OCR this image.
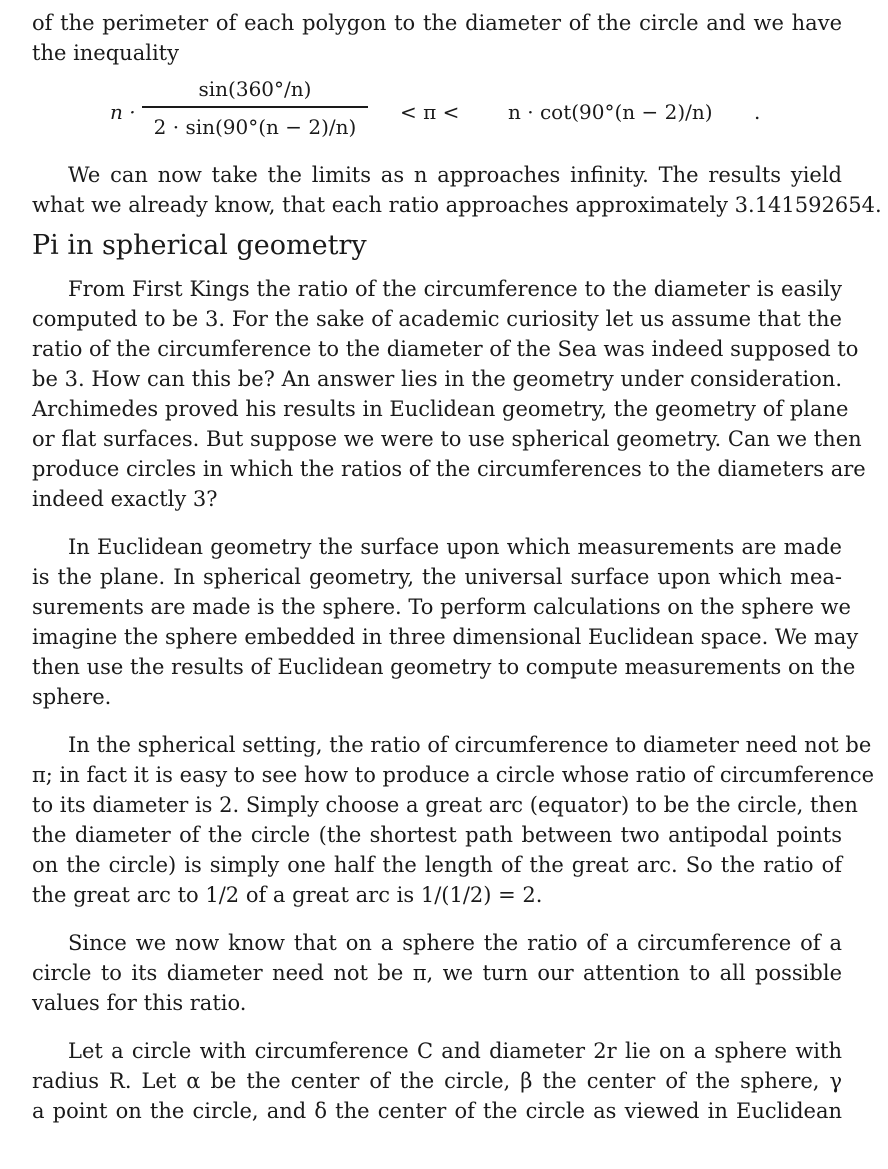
of the perimeter of each polygon to the diameter of the circle and we have
the inequality

n ·
sin(360°/n)
2 · sin(90°(n − 2)/n)
< π < n · cot(90°(n − 2)/n) .

We can now take the limits as n approaches infinity. The results yield
what we already know, that each ratio approaches approximately 3.141592654.

Pi in spherical geometry

From First Kings the ratio of the circumference to the diameter is easily
computed to be 3. For the sake of academic curiosity let us assume that the
ratio of the circumference to the diameter of the Sea was indeed supposed to
be 3. How can this be? An answer lies in the geometry under consideration.
Archimedes proved his results in Euclidean geometry, the geometry of plane
or flat surfaces. But suppose we were to use spherical geometry. Can we then
produce circles in which the ratios of the circumferences to the diameters are
indeed exactly 3?

In Euclidean geometry the surface upon which measurements are made
is the plane. In spherical geometry, the universal surface upon which mea-
surements are made is the sphere. To perform calculations on the sphere we
imagine the sphere embedded in three dimensional Euclidean space. We may
then use the results of Euclidean geometry to compute measurements on the
sphere.

In the spherical setting, the ratio of circumference to diameter need not be
π; in fact it is easy to see how to produce a circle whose ratio of circumference
to its diameter is 2. Simply choose a great arc (equator) to be the circle, then
the diameter of the circle (the shortest path between two antipodal points
on the circle) is simply one half the length of the great arc. So the ratio of
the great arc to 1/2 of a great arc is 1/(1/2) = 2.

Since we now know that on a sphere the ratio of a circumference of a
circle to its diameter need not be π, we turn our attention to all possible
values for this ratio.

Let a circle with circumference C and diameter 2r lie on a sphere with
radius R. Let α be the center of the circle, β the center of the sphere, γ
a point on the circle, and δ the center of the circle as viewed in Euclidean
